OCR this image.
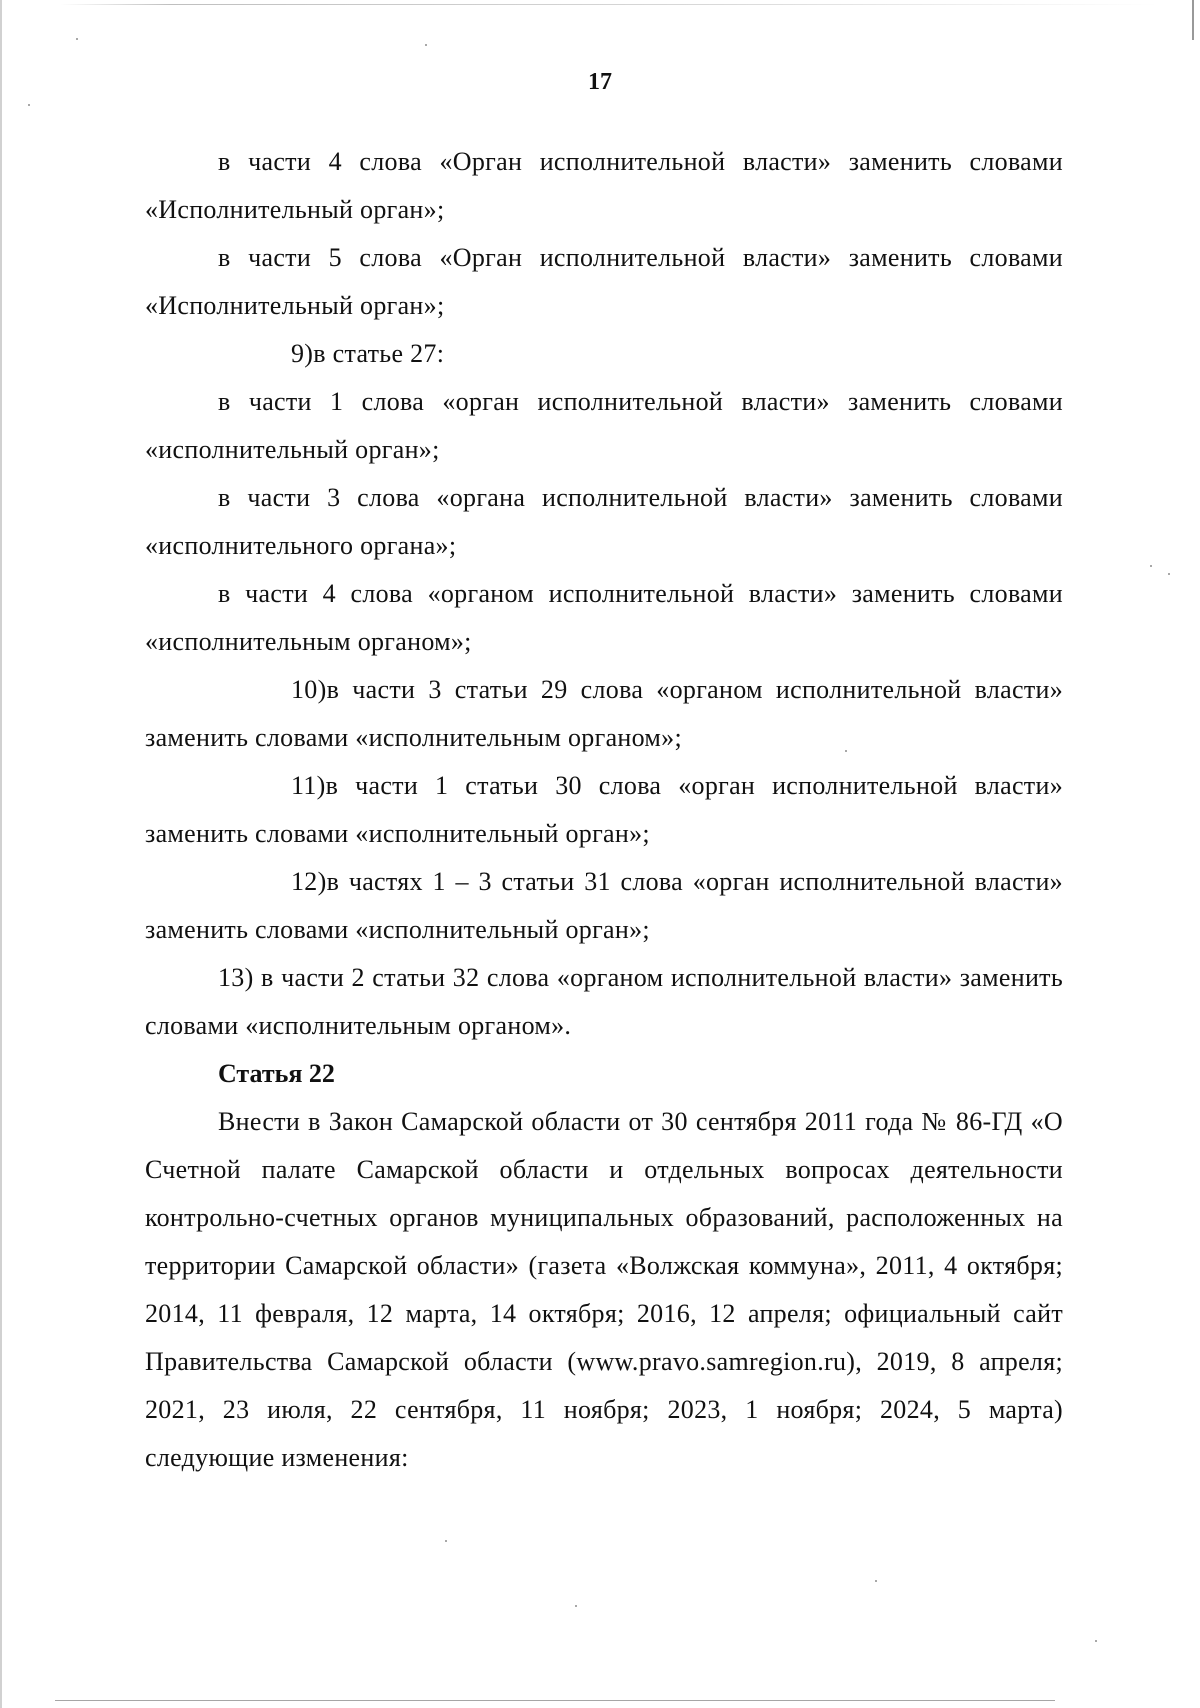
17

в части 4 слова «Орган исполнительной власти» заменить словами «Исполнительный орган»;

в части 5 слова «Орган исполнительной власти» заменить словами «Исполнительный орган»;

9)в статье 27:

в части 1 слова «орган исполнительной власти» заменить словами «исполнительный орган»;

в части 3 слова «органа исполнительной власти» заменить словами «исполнительного органа»;

в части 4 слова «органом исполнительной власти» заменить словами «исполнительным органом»;

10)в части 3 статьи 29 слова «органом исполнительной власти» заменить словами «исполнительным органом»;

11)в части 1 статьи 30 слова «орган исполнительной власти» заменить словами «исполнительный орган»;

12)в частях 1 – 3 статьи 31 слова «орган исполнительной власти» заменить словами «исполнительный орган»;

13) в части 2 статьи 32 слова «органом исполнительной власти» заменить словами «исполнительным органом».

Статья 22

Внести в Закон Самарской области от 30 сентября 2011 года № 86-ГД «О Счетной палате Самарской области и отдельных вопросах деятельности контрольно-счетных органов муниципальных образований, расположенных на территории Самарской области» (газета «Волжская коммуна», 2011, 4 октября; 2014, 11 февраля, 12 марта, 14 октября; 2016, 12 апреля; официальный сайт Правительства Самарской области (www.pravo.samregion.ru), 2019, 8 апреля; 2021, 23 июля, 22 сентября, 11 ноября; 2023, 1 ноября; 2024, 5 марта) следующие изменения:
